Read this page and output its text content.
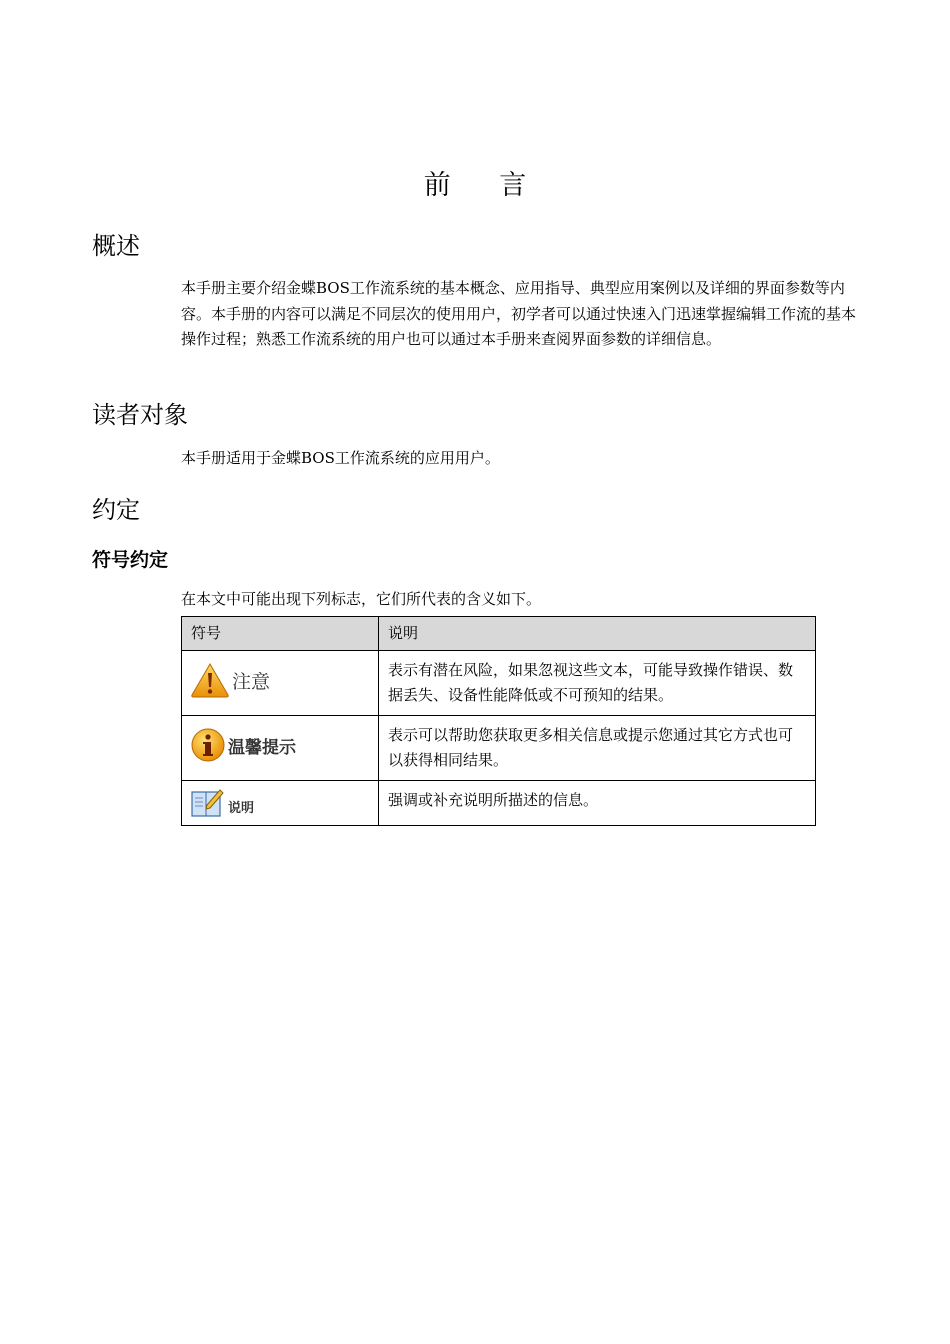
前 言
概述
本手册主要介绍金蝶BOS工作流系统的基本概念、应用指导、典型应用案例以及详细的界面参数等内容。本手册的内容可以满足不同层次的使用用户，初学者可以通过快速入门迅速掌握编辑工作流的基本操作过程；熟悉工作流系统的用户也可以通过本手册来查阅界面参数的详细信息。
读者对象
本手册适用于金蝶BOS工作流系统的应用用户。
约定
符号约定
在本文中可能出现下列标志，它们所代表的含义如下。
符号	说明

注意	表示有潜在风险，如果忽视这些文本，可能导致操作错误、数据丢失、设备性能降低或不可预知的结果。

温馨提示	表示可以帮助您获取更多相关信息或提示您通过其它方式也可以获得相同结果。

说明	强调或补充说明所描述的信息。
